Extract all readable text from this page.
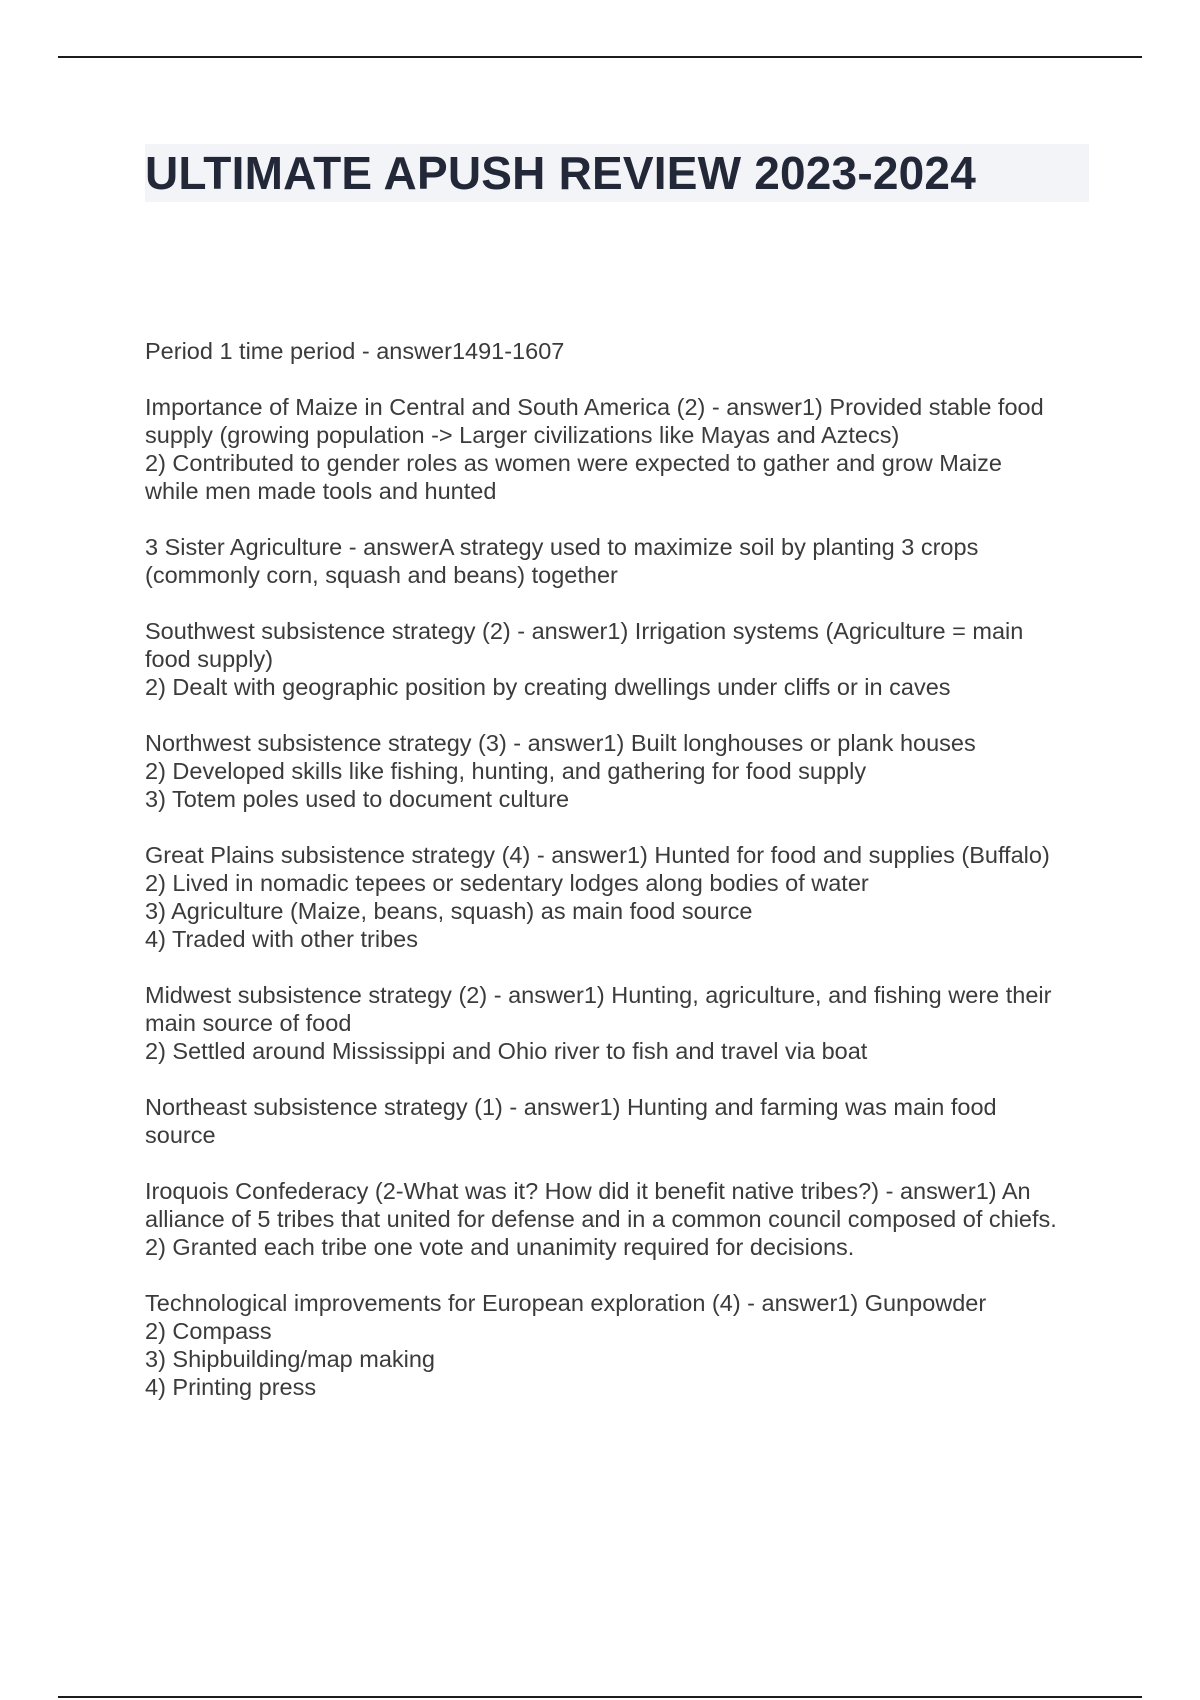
ULTIMATE APUSH REVIEW 2023-2024
Period 1 time period - answer1491-1607
Importance of Maize in Central and South America (2) - answer1) Provided stable food
supply (growing population -> Larger civilizations like Mayas and Aztecs)
2) Contributed to gender roles as women were expected to gather and grow Maize
while men made tools and hunted
3 Sister Agriculture - answerA strategy used to maximize soil by planting 3 crops
(commonly corn, squash and beans) together
Southwest subsistence strategy (2) - answer1) Irrigation systems (Agriculture = main
food supply)
2) Dealt with geographic position by creating dwellings under cliffs or in caves
Northwest subsistence strategy (3) - answer1) Built longhouses or plank houses
2) Developed skills like fishing, hunting, and gathering for food supply
3) Totem poles used to document culture
Great Plains subsistence strategy (4) - answer1) Hunted for food and supplies (Buffalo)
2) Lived in nomadic tepees or sedentary lodges along bodies of water
3) Agriculture (Maize, beans, squash) as main food source
4) Traded with other tribes
Midwest subsistence strategy (2) - answer1) Hunting, agriculture, and fishing were their
main source of food
2) Settled around Mississippi and Ohio river to fish and travel via boat
Northeast subsistence strategy (1) - answer1) Hunting and farming was main food
source
Iroquois Confederacy (2-What was it? How did it benefit native tribes?) - answer1) An
alliance of 5 tribes that united for defense and in a common council composed of chiefs.
2) Granted each tribe one vote and unanimity required for decisions.
Technological improvements for European exploration (4) - answer1) Gunpowder
2) Compass
3) Shipbuilding/map making
4) Printing press
